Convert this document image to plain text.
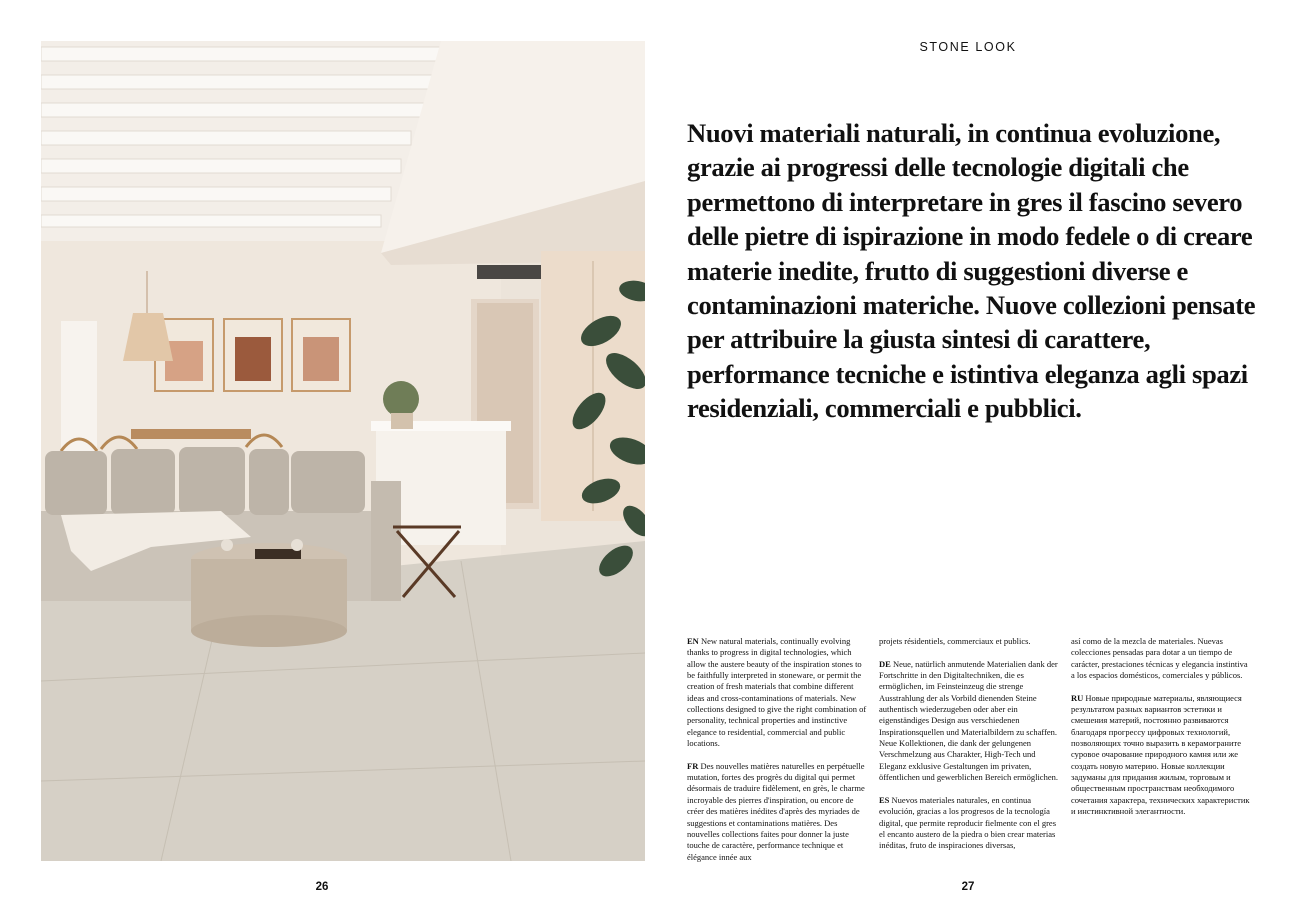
STONE LOOK

Nuovi materiali naturali, in continua evoluzione, grazie ai progressi delle tecnologie digitali che permettono di interpretare in gres il fascino severo delle pietre di ispirazione in modo fedele o di creare materie inedite, frutto di suggestioni diverse e contaminazioni materiche. Nuove collezioni pensate per attribuire la giusta sintesi di carattere, performance tecniche e istintiva eleganza agli spazi residenziali, commerciali e pubblici.

EN New natural materials, continually evolving thanks to progress in digital technologies, which allow the austere beauty of the inspiration stones to be faithfully interpreted in stoneware, or permit the creation of fresh materials that combine different ideas and cross-contaminations of materials. New collections designed to give the right combination of personality, technical properties and instinctive elegance to residential, commercial and public locations.

FR Des nouvelles matières naturelles en perpétuelle mutation, fortes des progrès du digital qui permet désormais de traduire fidèlement, en grès, le charme incroyable des pierres d'inspiration, ou encore de créer des matières inédites d'après des myriades de suggestions et contaminations matières. Des nouvelles collections faites pour donner la juste touche de caractère, performance technique et élégance innée aux

projets résidentiels, commerciaux et publics.

DE Neue, natürlich anmutende Materialien dank der Fortschritte in den Digitaltechniken, die es ermöglichen, im Feinsteinzeug die strenge Ausstrahlung der als Vorbild dienenden Steine authentisch wiederzugeben oder aber ein eigenständiges Design aus verschiedenen Inspirationsquellen und Materialbildern zu schaffen. Neue Kollektionen, die dank der gelungenen Verschmelzung aus Charakter, High-Tech und Eleganz exklusive Gestaltungen im privaten, öffentlichen und gewerblichen Bereich ermöglichen.

ES Nuevos materiales naturales, en continua evolución, gracias a los progresos de la tecnología digital, que permite reproducir fielmente con el gres el encanto austero de la piedra o bien crear materias inéditas, fruto de inspiraciones diversas,

así como de la mezcla de materiales. Nuevas colecciones pensadas para dotar a un tiempo de carácter, prestaciones técnicas y elegancia instintiva a los espacios domésticos, comerciales y públicos.

RU Новые природные материалы, являющиеся результатом разных вариантов эстетики и смешения материй, постоянно развиваются благодаря прогрессу цифровых технологий, позволяющих точно выразить в керамограните суровое очарование природного камня или же создать новую материю. Новые коллекции задуманы для придания жилым, торговым и общественным пространствам необходимого сочетания характера, технических характеристик и инстинктивной элегантности.

26	27
